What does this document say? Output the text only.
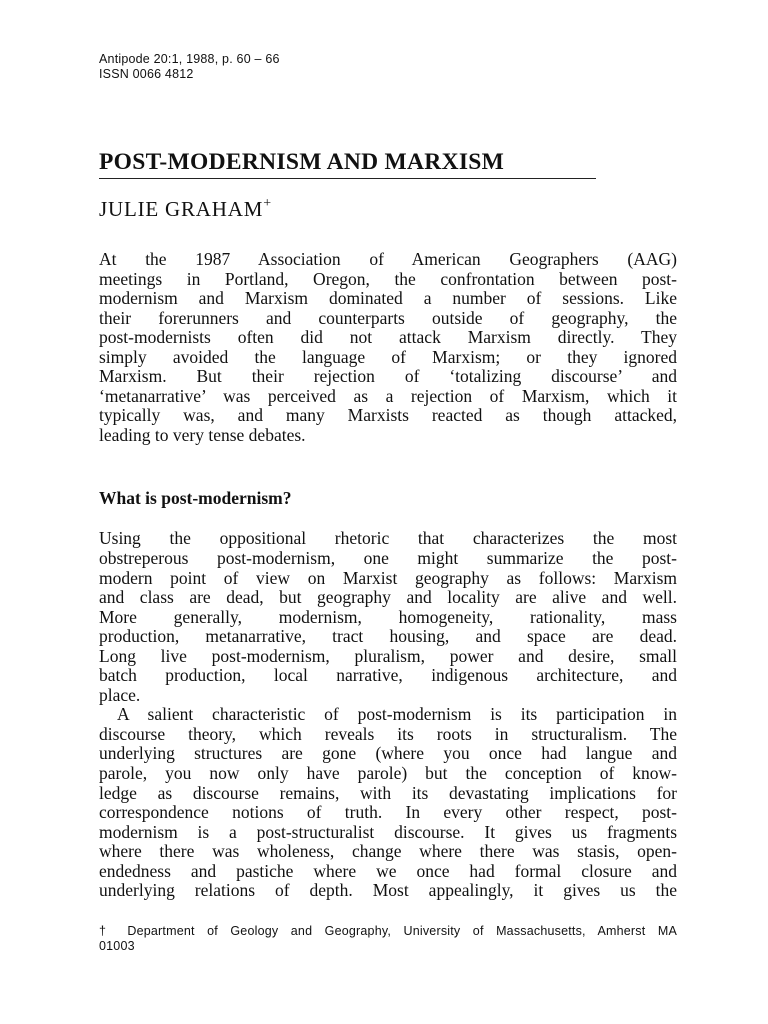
Antipode 20:1, 1988, p. 60 – 66
ISSN 0066 4812
POST-MODERNISM AND MARXISM
JULIE GRAHAM+
At the 1987 Association of American Geographers (AAG)
meetings in Portland, Oregon, the confrontation between post-
modernism and Marxism dominated a number of sessions. Like
their forerunners and counterparts outside of geography, the
post-modernists often did not attack Marxism directly. They
simply avoided the language of Marxism; or they ignored
Marxism. But their rejection of ‘totalizing discourse’ and
‘metanarrative’ was perceived as a rejection of Marxism, which it
typically was, and many Marxists reacted as though attacked,
leading to very tense debates.
What is post-modernism?
Using the oppositional rhetoric that characterizes the most
obstreperous post-modernism, one might summarize the post-
modern point of view on Marxist geography as follows: Marxism
and class are dead, but geography and locality are alive and well.
More generally, modernism, homogeneity, rationality, mass
production, metanarrative, tract housing, and space are dead.
Long live post-modernism, pluralism, power and desire, small
batch production, local narrative, indigenous architecture, and
place.
A salient characteristic of post-modernism is its participation in
discourse theory, which reveals its roots in structuralism. The
underlying structures are gone (where you once had langue and
parole, you now only have parole) but the conception of know-
ledge as discourse remains, with its devastating implications for
correspondence notions of truth. In every other respect, post-
modernism is a post-structuralist discourse. It gives us fragments
where there was wholeness, change where there was stasis, open-
endedness and pastiche where we once had formal closure and
underlying relations of depth. Most appealingly, it gives us the
† Department of Geology and Geography, University of Massachusetts, Amherst MA
01003
